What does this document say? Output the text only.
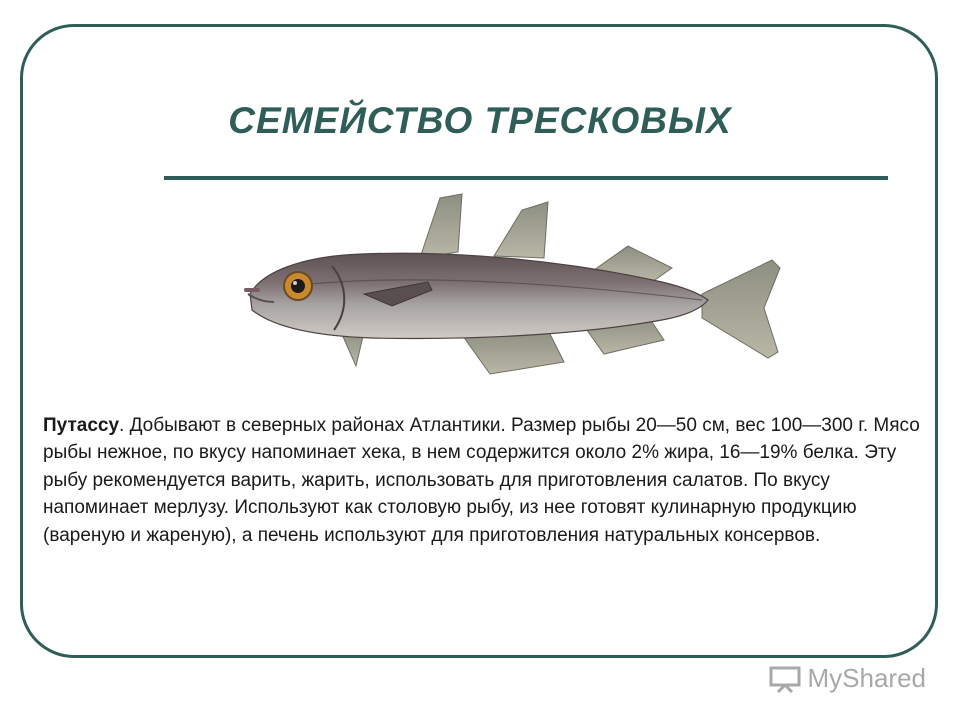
СЕМЕЙСТВО ТРЕСКОВЫХ

Путассу. Добывают в северных районах Атлантики. Размер рыбы 20—50 см, вес 100—300 г. Мясо рыбы нежное, по вкусу напоминает хека, в нем содержится около 2% жира, 16—19% белка. Эту рыбу рекомендуется варить, жарить, использовать для приготовления салатов. По вкусу напоминает мерлузу. Используют как столовую рыбу, из нее готовят кулинарную продукцию (вареную и жареную), а печень используют для приготовления натуральных консервов.

MyShared
